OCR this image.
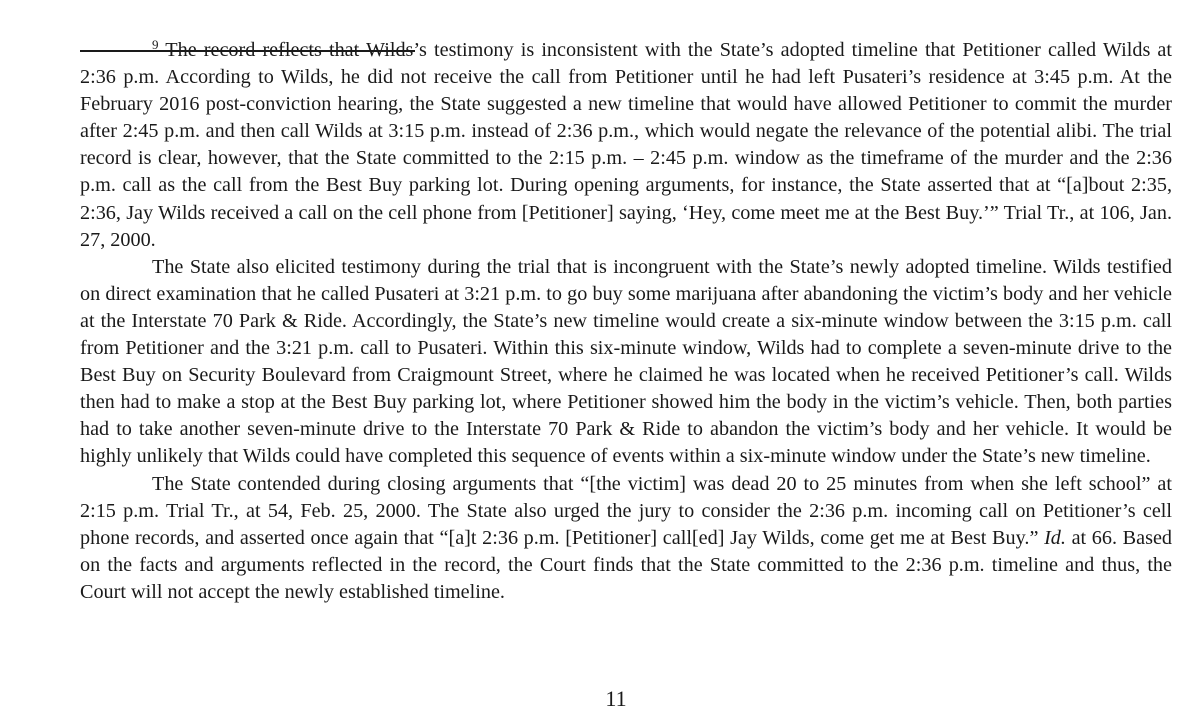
$^9$ The record reflects that Wilds’s testimony is inconsistent with the State’s adopted timeline that Petitioner called Wilds at 2:36 p.m. According to Wilds, he did not receive the call from Petitioner until he had left Pusateri’s residence at 3:45 p.m. At the February 2016 post-conviction hearing, the State suggested a new timeline that would have allowed Petitioner to commit the murder after 2:45 p.m. and then call Wilds at 3:15 p.m. instead of 2:36 p.m., which would negate the relevance of the potential alibi. The trial record is clear, however, that the State committed to the 2:15 p.m. – 2:45 p.m. window as the timeframe of the murder and the 2:36 p.m. call as the call from the Best Buy parking lot. During opening arguments, for instance, the State asserted that at “[a]bout 2:35, 2:36, Jay Wilds received a call on the cell phone from [Petitioner] saying, ‘Hey, come meet me at the Best Buy.’” Trial Tr., at 106, Jan. 27, 2000.

The State also elicited testimony during the trial that is incongruent with the State’s newly adopted timeline. Wilds testified on direct examination that he called Pusateri at 3:21 p.m. to go buy some marijuana after abandoning the victim’s body and her vehicle at the Interstate 70 Park & Ride. Accordingly, the State’s new timeline would create a six-minute window between the 3:15 p.m. call from Petitioner and the 3:21 p.m. call to Pusateri. Within this six-minute window, Wilds had to complete a seven-minute drive to the Best Buy on Security Boulevard from Craigmount Street, where he claimed he was located when he received Petitioner’s call. Wilds then had to make a stop at the Best Buy parking lot, where Petitioner showed him the body in the victim’s vehicle. Then, both parties had to take another seven-minute drive to the Interstate 70 Park & Ride to abandon the victim’s body and her vehicle. It would be highly unlikely that Wilds could have completed this sequence of events within a six-minute window under the State’s new timeline.

The State contended during closing arguments that “[the victim] was dead 20 to 25 minutes from when she left school” at 2:15 p.m. Trial Tr., at 54, Feb. 25, 2000. The State also urged the jury to consider the 2:36 p.m. incoming call on Petitioner’s cell phone records, and asserted once again that “[a]t 2:36 p.m. [Petitioner] call[ed] Jay Wilds, come get me at Best Buy.” Id. at 66. Based on the facts and arguments reflected in the record, the Court finds that the State committed to the 2:36 p.m. timeline and thus, the Court will not accept the newly established timeline.

11
